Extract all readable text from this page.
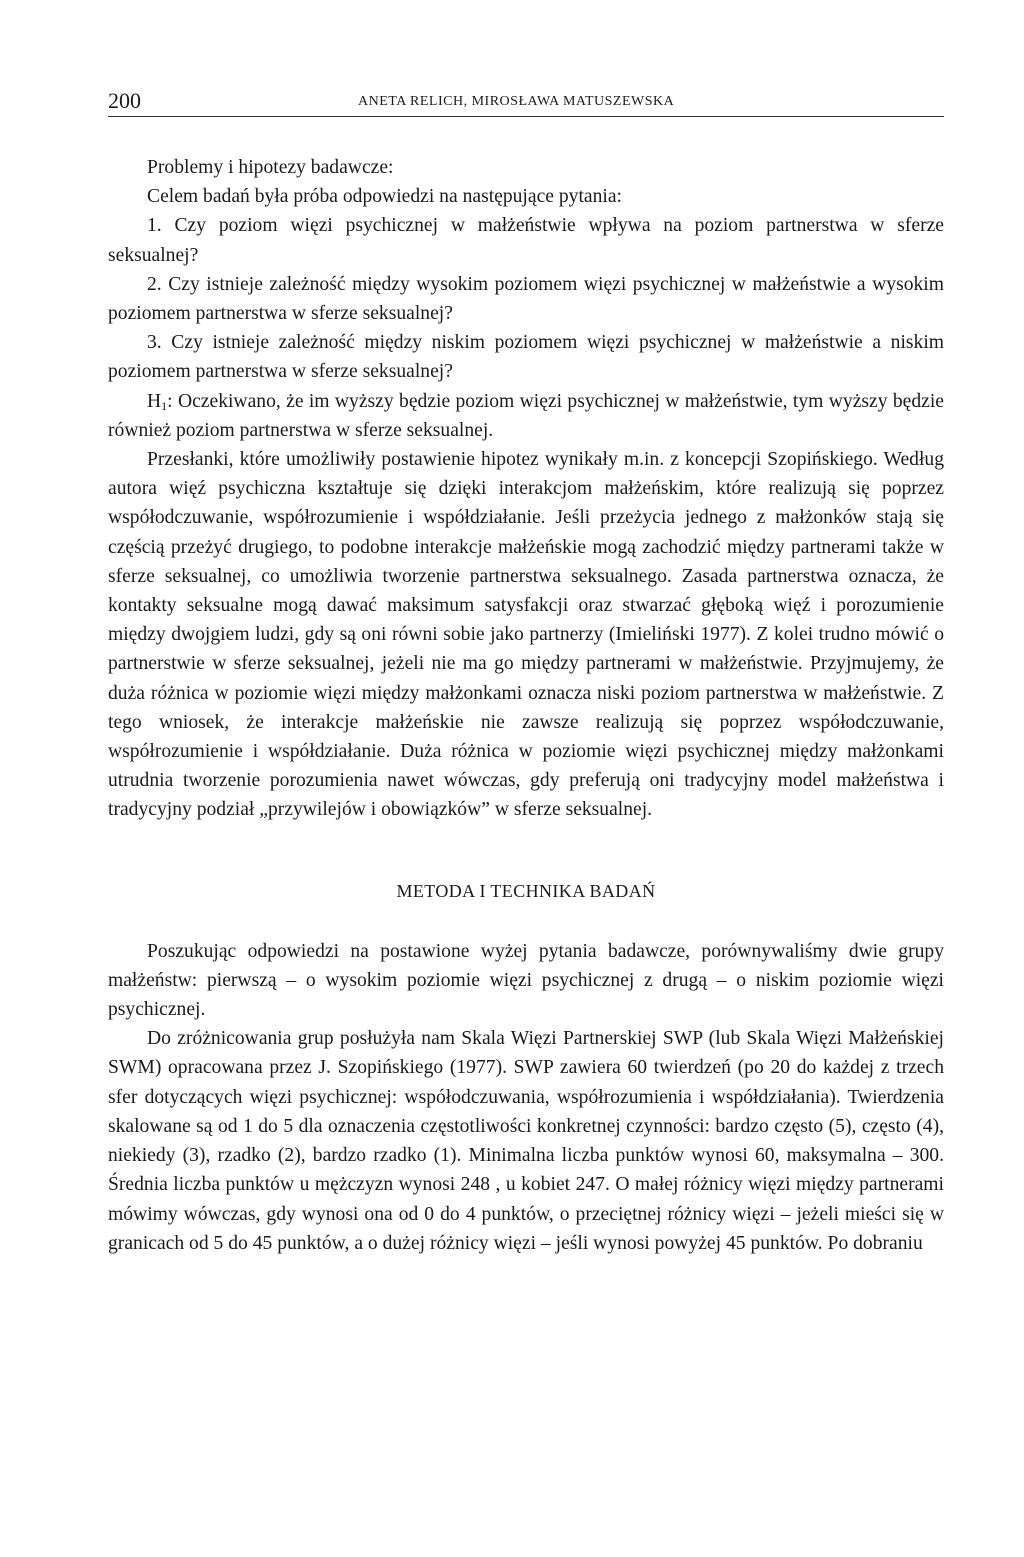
200	ANETA RELICH, MIROSŁAWA MATUSZEWSKA

Problemy i hipotezy badawcze:

Celem badań była próba odpowiedzi na następujące pytania:

1. Czy poziom więzi psychicznej w małżeństwie wpływa na poziom partnerstwa w sferze seksualnej?

2. Czy istnieje zależność między wysokim poziomem więzi psychicznej w małżeństwie a wysokim poziomem partnerstwa w sferze seksualnej?

3. Czy istnieje zależność między niskim poziomem więzi psychicznej w małżeństwie a niskim poziomem partnerstwa w sferze seksualnej?

$H_1$: Oczekiwano, że im wyższy będzie poziom więzi psychicznej w małżeństwie, tym wyższy będzie również poziom partnerstwa w sferze seksualnej.

Przesłanki, które umożliwiły postawienie hipotez wynikały m.in. z koncepcji Szopińskiego. Według autora więź psychiczna kształtuje się dzięki interakcjom małżeńskim, które realizują się poprzez współodczuwanie, współrozumienie i współdziałanie. Jeśli przeżycia jednego z małżonków stają się częścią przeżyć drugiego, to podobne interakcje małżeńskie mogą zachodzić między partnerami także w sferze seksualnej, co umożliwia tworzenie partnerstwa seksualnego. Zasada partnerstwa oznacza, że kontakty seksualne mogą dawać maksimum satysfakcji oraz stwarzać głęboką więź i porozumienie między dwojgiem ludzi, gdy są oni równi sobie jako partnerzy (Imieliński 1977). Z kolei trudno mówić o partnerstwie w sferze seksualnej, jeżeli nie ma go między partnerami w małżeństwie. Przyjmujemy, że duża różnica w poziomie więzi między małżonkami oznacza niski poziom partnerstwa w małżeństwie. Z tego wniosek, że interakcje małżeńskie nie zawsze realizują się poprzez współodczuwanie, współrozumienie i współdziałanie. Duża różnica w poziomie więzi psychicznej między małżonkami utrudnia tworzenie porozumienia nawet wówczas, gdy preferują oni tradycyjny model małżeństwa i tradycyjny podział „przywilejów i obowiązków” w sferze seksualnej.

METODA I TECHNIKA BADAŃ

Poszukując odpowiedzi na postawione wyżej pytania badawcze, porównywaliśmy dwie grupy małżeństw: pierwszą – o wysokim poziomie więzi psychicznej z drugą – o niskim poziomie więzi psychicznej.

Do zróżnicowania grup posłużyła nam Skala Więzi Partnerskiej SWP (lub Skala Więzi Małżeńskiej SWM) opracowana przez J. Szopińskiego (1977). SWP zawiera 60 twierdzeń (po 20 do każdej z trzech sfer dotyczących więzi psychicznej: współodczuwania, współrozumienia i współdziałania). Twierdzenia skalowane są od 1 do 5 dla oznaczenia częstotliwości konkretnej czynności: bardzo często (5), często (4), niekiedy (3), rzadko (2), bardzo rzadko (1). Minimalna liczba punktów wynosi 60, maksymalna – 300. Średnia liczba punktów u mężczyzn wynosi 248 , u kobiet 247. O małej różnicy więzi między partnerami mówimy wówczas, gdy wynosi ona od 0 do 4 punktów, o przeciętnej różnicy więzi – jeżeli mieści się w granicach od 5 do 45 punktów, a o dużej różnicy więzi – jeśli wynosi powyżej 45 punktów. Po dobraniu
